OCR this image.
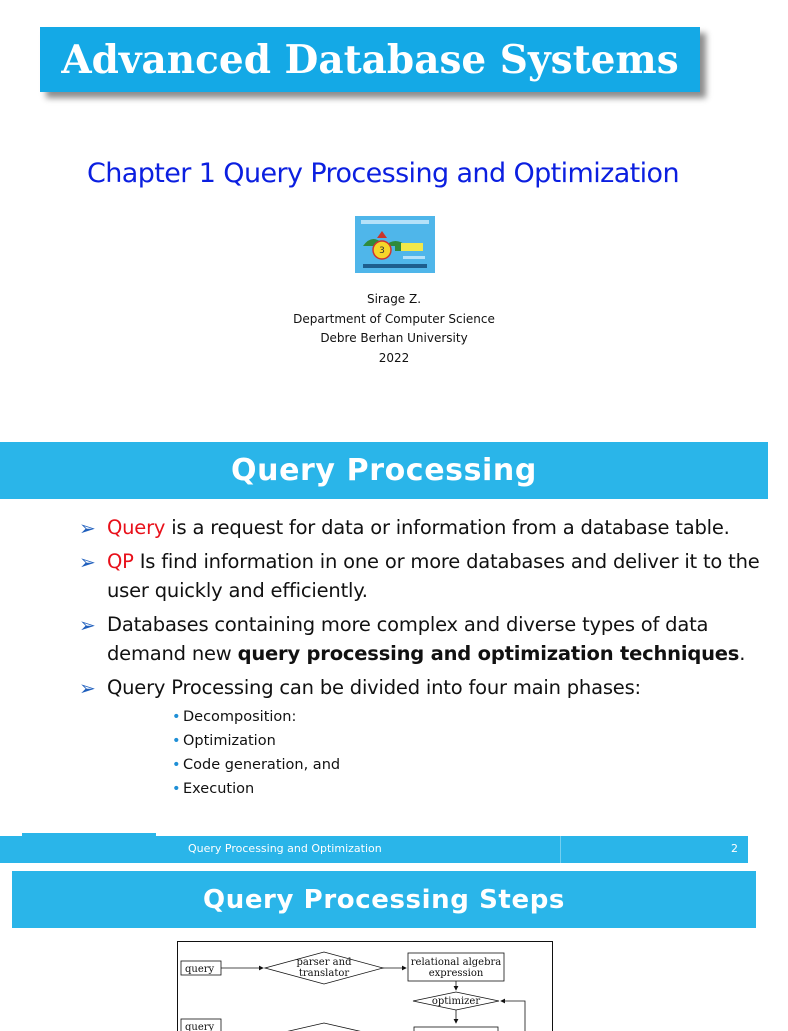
Advanced Database Systems
Chapter 1 Query Processing and Optimization
3
Sirage Z.
Department of Computer Science
Debre Berhan University
2022
Query Processing
➢ Query is a request for data or information from a database table.
➢ QP Is find information in one or more databases and deliver it to the user quickly and efficiently.
➢ Databases containing more complex and diverse types of data demand new query processing and optimization techniques.
➢ Query Processing can be divided into four main phases:
• Decomposition:
• Optimization
• Code generation, and
• Execution
Query Processing and Optimization	2
Query Processing Steps
query
parser and
translator
relational algebra
expression
optimizer
query
